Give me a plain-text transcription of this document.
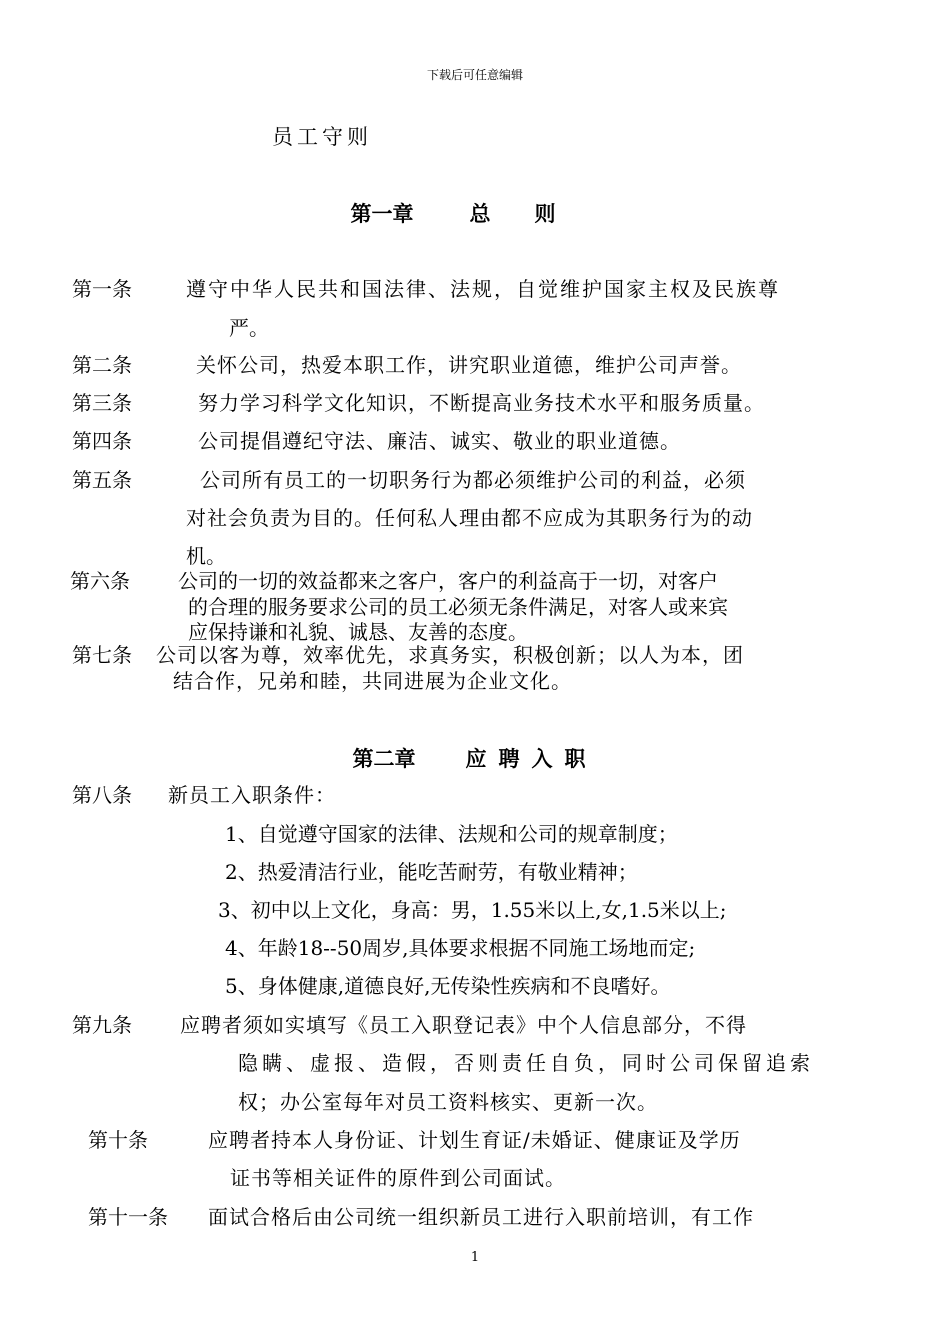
下载后可任意编辑
员工守则
第一章	总则
第一条	遵守中华人民共和国法律、法规，自觉维护国家主权及民族尊
严。
第二条	关怀公司，热爱本职工作，讲究职业道德，维护公司声誉。
第三条	努力学习科学文化知识，不断提高业务技术水平和服务质量。
第四条	公司提倡遵纪守法、廉洁、诚实、敬业的职业道德。
第五条	公司所有员工的一切职务行为都必须维护公司的利益，必须
对社会负责为目的。任何私人理由都不应成为其职务行为的动
机。
第六条 公司的一切的效益都来之客户，客户的利益高于一切，对客户
的合理的服务要求公司的员工必须无条件满足，对客人或来宾
应保持谦和礼貌、诚恳、友善的态度。
第七条 公司以客为尊，效率优先，求真务实，积极创新；以人为本，团
结合作，兄弟和睦，共同进展为企业文化。
第二章 应聘入职
第八条 新员工入职条件：
1、自觉遵守国家的法律、法规和公司的规章制度；
2、热爱清洁行业，能吃苦耐劳，有敬业精神；
3、初中以上文化，身高：男，1.55米以上,女,1.5米以上;
4、年龄18--50周岁,具体要求根据不同施工场地而定;
5、身体健康,道德良好,无传染性疾病和不良嗜好。
第九条 应聘者须如实填写《员工入职登记表》中个人信息部分，不得
隐瞒、虚报、造假，否则责任自负，同时公司保留追索
权；办公室每年对员工资料核实、更新一次。
第十条	应聘者持本人身份证、计划生育证/未婚证、健康证及学历
证书等相关证件的原件到公司面试。
第十一条 面试合格后由公司统一组织新员工进行入职前培训，有工作
1
